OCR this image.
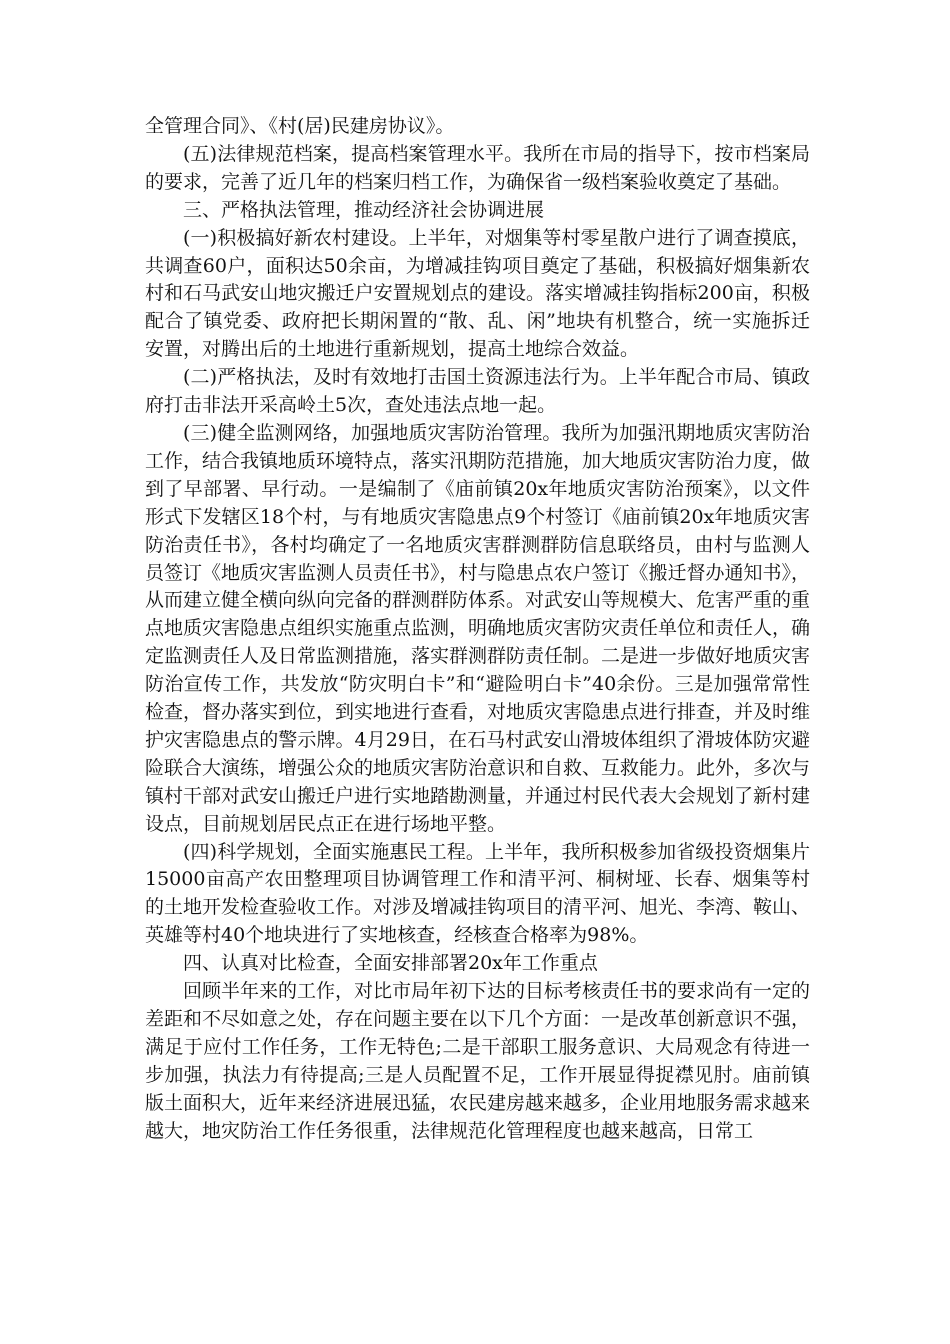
全管理合同》、《村(居)民建房协议》。

(五)法律规范档案，提高档案管理水平。我所在市局的指导下，按市档案局的要求，完善了近几年的档案归档工作，为确保省一级档案验收奠定了基础。

三、严格执法管理，推动经济社会协调进展

(一)积极搞好新农村建设。上半年，对烟集等村零星散户进行了调查摸底，共调查60户，面积达50余亩，为增减挂钩项目奠定了基础，积极搞好烟集新农村和石马武安山地灾搬迁户安置规划点的建设。落实增减挂钩指标200亩，积极配合了镇党委、政府把长期闲置的“散、乱、闲”地块有机整合，统一实施拆迁安置，对腾出后的土地进行重新规划，提高土地综合效益。

(二)严格执法，及时有效地打击国土资源违法行为。上半年配合市局、镇政府打击非法开采高岭土5次，查处违法点地一起。

(三)健全监测网络，加强地质灾害防治管理。我所为加强汛期地质灾害防治工作，结合我镇地质环境特点，落实汛期防范措施，加大地质灾害防治力度，做到了早部署、早行动。一是编制了《庙前镇20x年地质灾害防治预案》，以文件形式下发辖区18个村，与有地质灾害隐患点9个村签订《庙前镇20x年地质灾害防治责任书》，各村均确定了一名地质灾害群测群防信息联络员，由村与监测人员签订《地质灾害监测人员责任书》，村与隐患点农户签订《搬迁督办通知书》，从而建立健全横向纵向完备的群测群防体系。对武安山等规模大、危害严重的重点地质灾害隐患点组织实施重点监测，明确地质灾害防灾责任单位和责任人，确定监测责任人及日常监测措施，落实群测群防责任制。二是进一步做好地质灾害防治宣传工作，共发放“防灾明白卡”和“避险明白卡”40余份。三是加强常常性检查，督办落实到位，到实地进行查看，对地质灾害隐患点进行排查，并及时维护灾害隐患点的警示牌。4月29日，在石马村武安山滑坡体组织了滑坡体防灾避险联合大演练，增强公众的地质灾害防治意识和自救、互救能力。此外，多次与镇村干部对武安山搬迁户进行实地踏勘测量，并通过村民代表大会规划了新村建设点，目前规划居民点正在进行场地平整。

(四)科学规划，全面实施惠民工程。上半年，我所积极参加省级投资烟集片15000亩高产农田整理项目协调管理工作和清平河、桐树垭、长春、烟集等村的土地开发检查验收工作。对涉及增减挂钩项目的清平河、旭光、李湾、鞍山、英雄等村40个地块进行了实地核查，经核查合格率为98%。

四、认真对比检查，全面安排部署20x年工作重点

回顾半年来的工作，对比市局年初下达的目标考核责任书的要求尚有一定的差距和不尽如意之处，存在问题主要在以下几个方面：一是改革创新意识不强，满足于应付工作任务，工作无特色;二是干部职工服务意识、大局观念有待进一步加强，执法力有待提高;三是人员配置不足，工作开展显得捉襟见肘。庙前镇版土面积大，近年来经济进展迅猛，农民建房越来越多，企业用地服务需求越来越大，地灾防治工作任务很重，法律规范化管理程度也越来越高，日常工
